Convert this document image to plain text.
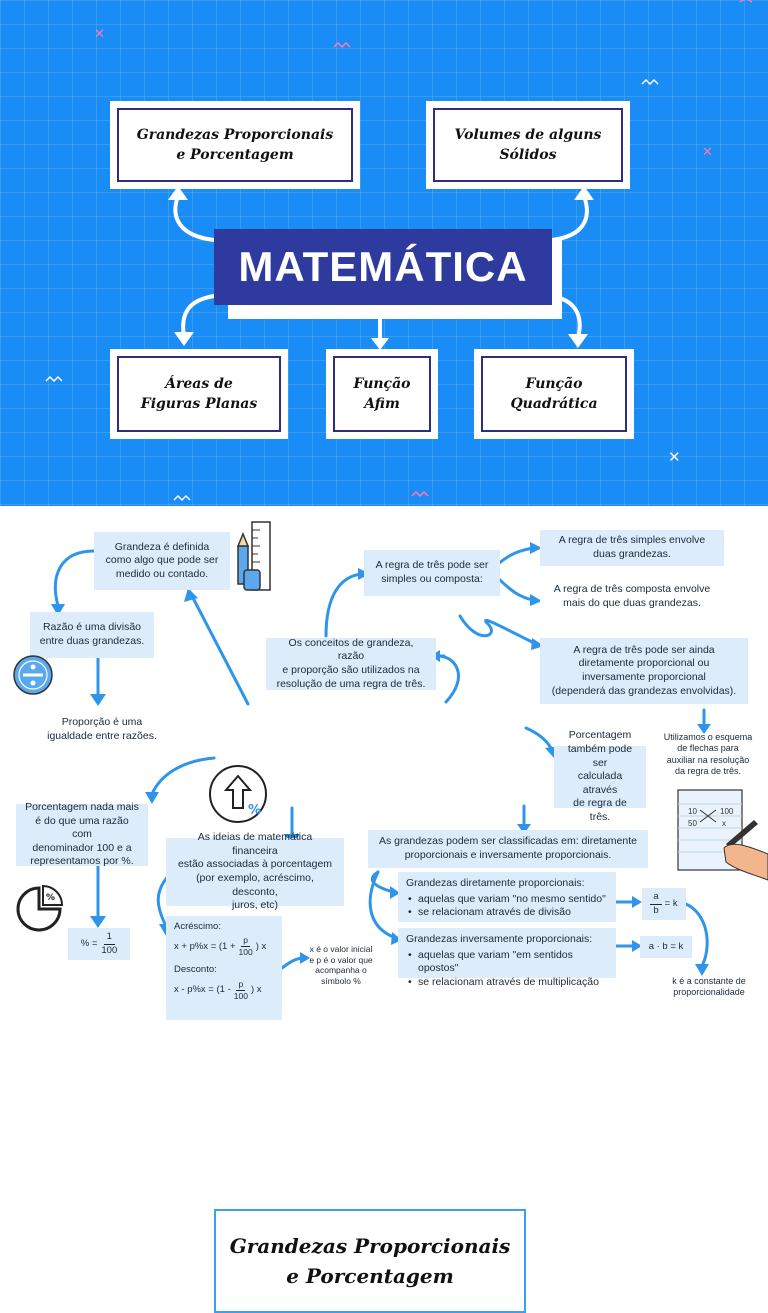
✕
✕
✕
Grandezas Proporcionais
e Porcentagem
Volumes de alguns
Sólidos
Áreas de
Figuras Planas
Função
Afim
Função
Quadrática
MATEMÁTICA
Grandeza é definida
como algo que pode ser
medido ou contado.
Razão é uma divisão
entre duas grandezas.
Proporção é uma
igualdade entre razões.
A regra de três pode ser
simples ou composta:
A regra de três simples envolve
duas grandezas.
A regra de três composta envolve
mais do que duas grandezas.
Os conceitos de grandeza, razão
e proporção são utilizados na
resolução de uma regra de três.
A regra de três pode ser ainda
diretamente proporcional ou
inversamente proporcional
(dependerá das grandezas envolvidas).
Utilizamos o esquema
de flechas para
auxiliar na resolução
da regra de três.
Porcentagem
também pode ser
calculada através
de regra de três.
Porcentagem nada mais
é do que uma razão com
denominador 100 e a
representamos por %.
As ideias de matemática financeira
estão associadas à porcentagem
(por exemplo, acréscimo, desconto,
juros, etc)
As grandezas podem ser classificadas em: diretamente
proporcionais e inversamente proporcionais.
Grandezas diretamente proporcionais:
• aquelas que variam "no mesmo sentido"
• se relacionam através de divisão
Grandezas inversamente proporcionais:
• aquelas que variam "em sentidos opostos"
• se relacionam através de multiplicação
x é o valor inicial
e p é o valor que
acompanha o
símbolo %	k é a constante de
proporcionalidade
Grandezas Proporcionais
e Porcentagem
% = $\frac{1}{100}$
Acréscimo:
$x + p\%x = (1 + \frac{p}{100}$ ) x
Desconto:
$x - p\%x = (1 - \frac{p}{100}$ ) x
$\frac{a}{b} = k$
a · b = k
%
%
10	100
50	x
